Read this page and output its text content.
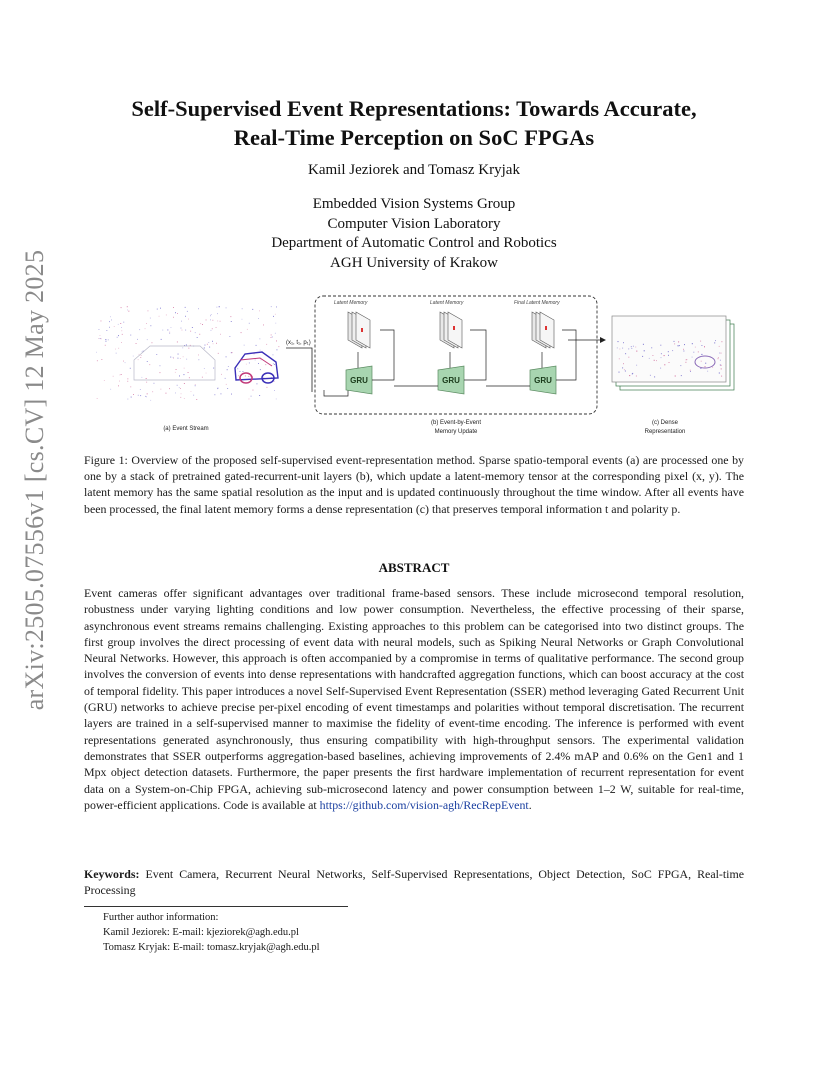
arXiv:2505.07556v1 [cs.CV] 12 May 2025
Self-Supervised Event Representations: Towards Accurate,
Real-Time Perception on SoC FPGAs
Kamil Jeziorek and Tomasz Kryjak
Embedded Vision Systems Group
Computer Vision Laboratory
Department of Automatic Control and Robotics
AGH University of Krakow
(x₁, t₁, p₁)
Latent Memory
GRU
Latent Memory
GRU
Final Latent Memory
GRU
(a) Event Stream
(b) Event-by-Event
Memory Update
(c) Dense
Representation
Figure 1: Overview of the proposed self-supervised event-representation method. Sparse spatio-temporal events (a) are processed one by one by a stack of pretrained gated-recurrent-unit layers (b), which update a latent-memory tensor at the corresponding pixel (x, y). The latent memory has the same spatial resolution as the input and is updated continuously throughout the time window. After all events have been processed, the final latent memory forms a dense representation (c) that preserves temporal information t and polarity p.
ABSTRACT
Event cameras offer significant advantages over traditional frame-based sensors. These include microsecond temporal resolution, robustness under varying lighting conditions and low power consumption. Nevertheless, the effective processing of their sparse, asynchronous event streams remains challenging. Existing approaches to this problem can be categorised into two distinct groups. The first group involves the direct processing of event data with neural models, such as Spiking Neural Networks or Graph Convolutional Neural Networks. However, this approach is often accompanied by a compromise in terms of qualitative performance. The second group involves the conversion of events into dense representations with handcrafted aggregation functions, which can boost accuracy at the cost of temporal fidelity. This paper introduces a novel Self-Supervised Event Representation (SSER) method leveraging Gated Recurrent Unit (GRU) networks to achieve precise per-pixel encoding of event timestamps and polarities without temporal discretisation. The recurrent layers are trained in a self-supervised manner to maximise the fidelity of event-time encoding. The inference is performed with event representations generated asynchronously, thus ensuring compatibility with high-throughput sensors. The experimental validation demonstrates that SSER outperforms aggregation-based baselines, achieving improvements of 2.4% mAP and 0.6% on the Gen1 and 1 Mpx object detection datasets. Furthermore, the paper presents the first hardware implementation of recurrent representation for event data on a System-on-Chip FPGA, achieving sub-microsecond latency and power consumption between 1–2 W, suitable for real-time, power-efficient applications. Code is available at https://github.com/vision-agh/RecRepEvent.
Keywords: Event Camera, Recurrent Neural Networks, Self-Supervised Representations, Object Detection, SoC FPGA, Real-time Processing
Further author information:
Kamil Jeziorek: E-mail: kjeziorek@agh.edu.pl
Tomasz Kryjak: E-mail: tomasz.kryjak@agh.edu.pl
